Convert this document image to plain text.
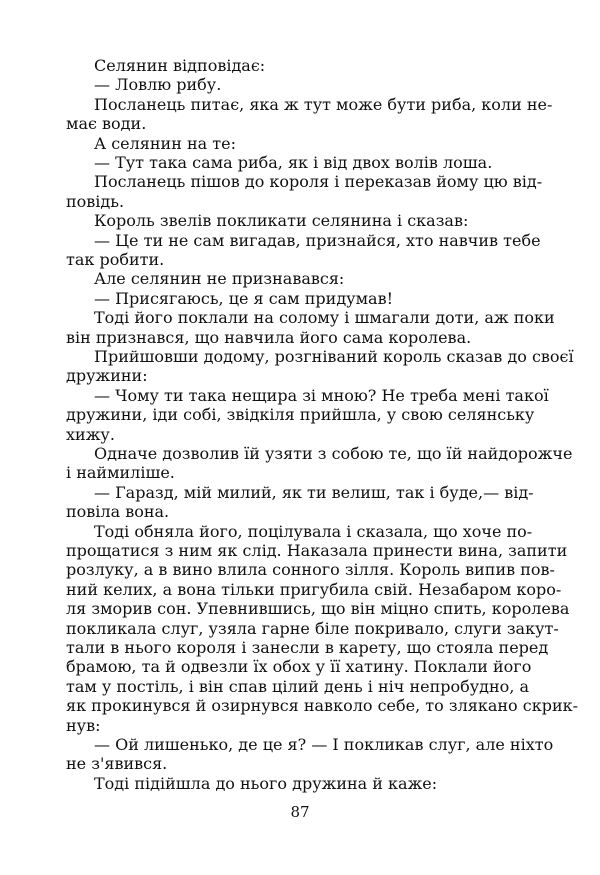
87
Селянин відповідає:
— Ловлю рибу.
Посланець питає, яка ж тут може бути риба, коли не-
має води.
А селянин на те:
— Тут така сама риба, як і від двох волів лоша.
Посланець пішов до короля і переказав йому цю від-
повідь.
Король звелів покликати селянина і сказав:
— Це ти не сам вигадав, признайся, хто навчив тебе
так робити.
Але селянин не признавався:
— Присягаюсь, це я сам придумав!
Тоді його поклали на солому і шмагали доти, аж поки
він признався, що навчила його сама королева.
Прийшовши додому, розгніваний король сказав до своєї
дружини:
— Чому ти така нещира зі мною? Не треба мені такої
дружини, іди собі, звідкіля прийшла, у свою селянську
хижу.
Одначе дозволив їй узяти з собою те, що їй найдорожче
і наймиліше.
— Гаразд, мій милий, як ти велиш, так і буде,— від-
повіла вона.
Тоді обняла його, поцілувала і сказала, що хоче по-
прощатися з ним як слід. Наказала принести вина, запити
розлуку, а в вино влила сонного зілля. Король випив пов-
ний келих, а вона тільки пригубила свій. Незабаром коро-
ля зморив сон. Упевнившись, що він міцно спить, королева
покликала слуг, узяла гарне біле покривало, слуги закут-
тали в нього короля і занесли в карету, що стояла перед
брамою, та й одвезли їх обох у її хатину. Поклали його
там у постіль, і він спав цілий день і ніч непробудно, а
як прокинувся й озирнувся навколо себе, то злякано скрик-
нув:
— Ой лишенько, де це я? — І покликав слуг, але ніхто
не з'явився.
Тоді підійшла до нього дружина й каже:
